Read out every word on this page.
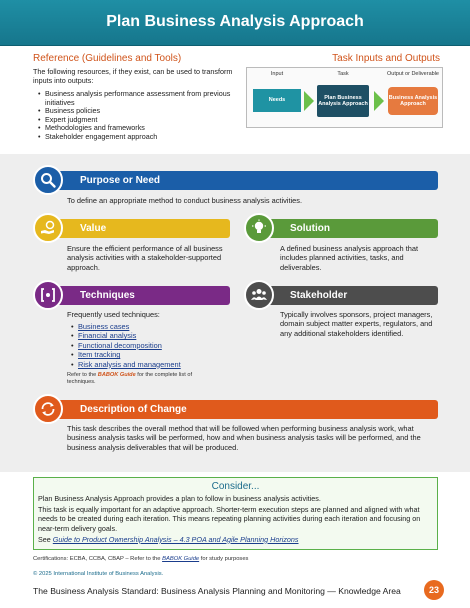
Plan Business Analysis Approach
Reference (Guidelines and Tools)
The following resources, if they exist, can be used to transform inputs into outputs:
• Business analysis performance assessment from previous initiatives
• Business policies
• Expert judgment
• Methodologies and frameworks
• Stakeholder engagement approach
Task Inputs and Outputs
Input	Task	Output or Deliverable
Needs	Plan Business Analysis Approach
Business Analysis Approach
Purpose or Need
To define an appropriate method to conduct business analysis activities.
Value
Ensure the efficient performance of all business analysis activities with a stakeholder-supported approach.
Solution
A defined business analysis approach that includes planned activities, tasks, and deliverables.
Techniques
Frequently used techniques:
• Business cases
• Financial analysis
• Functional decomposition
• Item tracking
• Risk analysis and management
Refer to the BABOK Guide for the complete list of techniques.
Stakeholder
Typically involves sponsors, project managers, domain subject matter experts, regulators, and any additional stakeholders identified.
Description of Change
This task describes the overall method that will be followed when performing business analysis work, what business analysis tasks will be performed, how and when business analysis tasks will be performed, and the business analysis deliverables that will be produced.
Consider...

Plan Business Analysis Approach provides a plan to follow in business analysis activities.

This task is equally important for an adaptive approach. Shorter-term execution steps are planned and aligned with what needs to be created during each iteration. This means repeating planning activities during each iteration and focusing on near-term delivery goals.

See Guide to Product Ownership Analysis – 4.3 POA and Agile Planning Horizons

Certifications: ECBA, CCBA, CBAP – Refer to the BABOK Guide for study purposes
© 2025 International Institute of Business Analysis.
The Business Analysis Standard: Business Analysis Planning and Monitoring — Knowledge Area	23
